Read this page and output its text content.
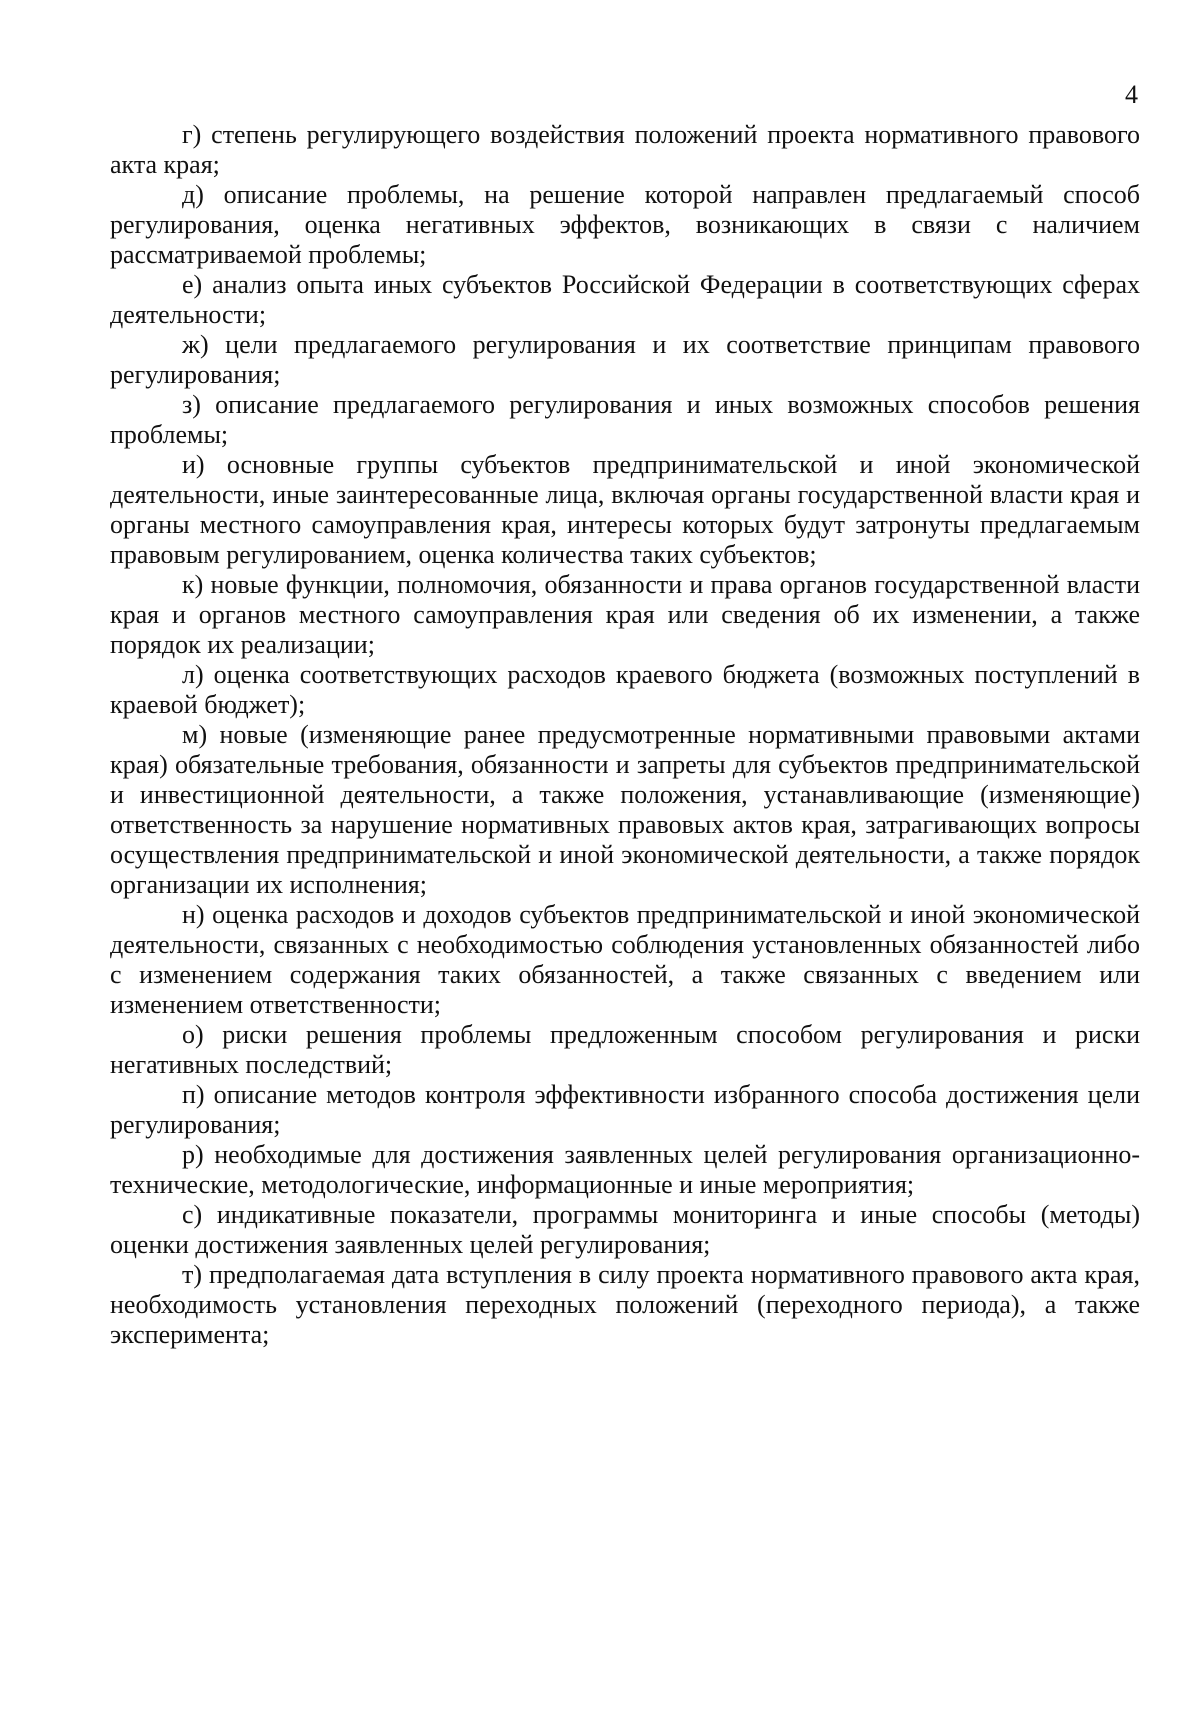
4

г) степень регулирующего воздействия положений проекта нормативного правового акта края;

д) описание проблемы, на решение которой направлен предлагаемый способ регулирования, оценка негативных эффектов, возникающих в связи с наличием рассматриваемой проблемы;

е) анализ опыта иных субъектов Российской Федерации в соответствующих сферах деятельности;

ж) цели предлагаемого регулирования и их соответствие принципам правового регулирования;

з) описание предлагаемого регулирования и иных возможных способов решения проблемы;

и) основные группы субъектов предпринимательской и иной экономической деятельности, иные заинтересованные лица, включая органы государственной власти края и органы местного самоуправления края, интересы которых будут затронуты предлагаемым правовым регулированием, оценка количества таких субъектов;

к) новые функции, полномочия, обязанности и права органов государственной власти края и органов местного самоуправления края или сведения об их изменении, а также порядок их реализации;

л) оценка соответствующих расходов краевого бюджета (возможных поступлений в краевой бюджет);

м) новые (изменяющие ранее предусмотренные нормативными правовыми актами края) обязательные требования, обязанности и запреты для субъектов предпринимательской и инвестиционной деятельности, а также положения, устанавливающие (изменяющие) ответственность за нарушение нормативных правовых актов края, затрагивающих вопросы осуществления предпринимательской и иной экономической деятельности, а также порядок организации их исполнения;

н) оценка расходов и доходов субъектов предпринимательской и иной экономической деятельности, связанных с необходимостью соблюдения установленных обязанностей либо с изменением содержания таких обязанностей, а также связанных с введением или изменением ответственности;

о) риски решения проблемы предложенным способом регулирования и риски негативных последствий;

п) описание методов контроля эффективности избранного способа достижения цели регулирования;

р) необходимые для достижения заявленных целей регулирования организационно-технические, методологические, информационные и иные мероприятия;

с) индикативные показатели, программы мониторинга и иные способы (методы) оценки достижения заявленных целей регулирования;

т) предполагаемая дата вступления в силу проекта нормативного правового акта края, необходимость установления переходных положений (переходного периода), а также эксперимента;
